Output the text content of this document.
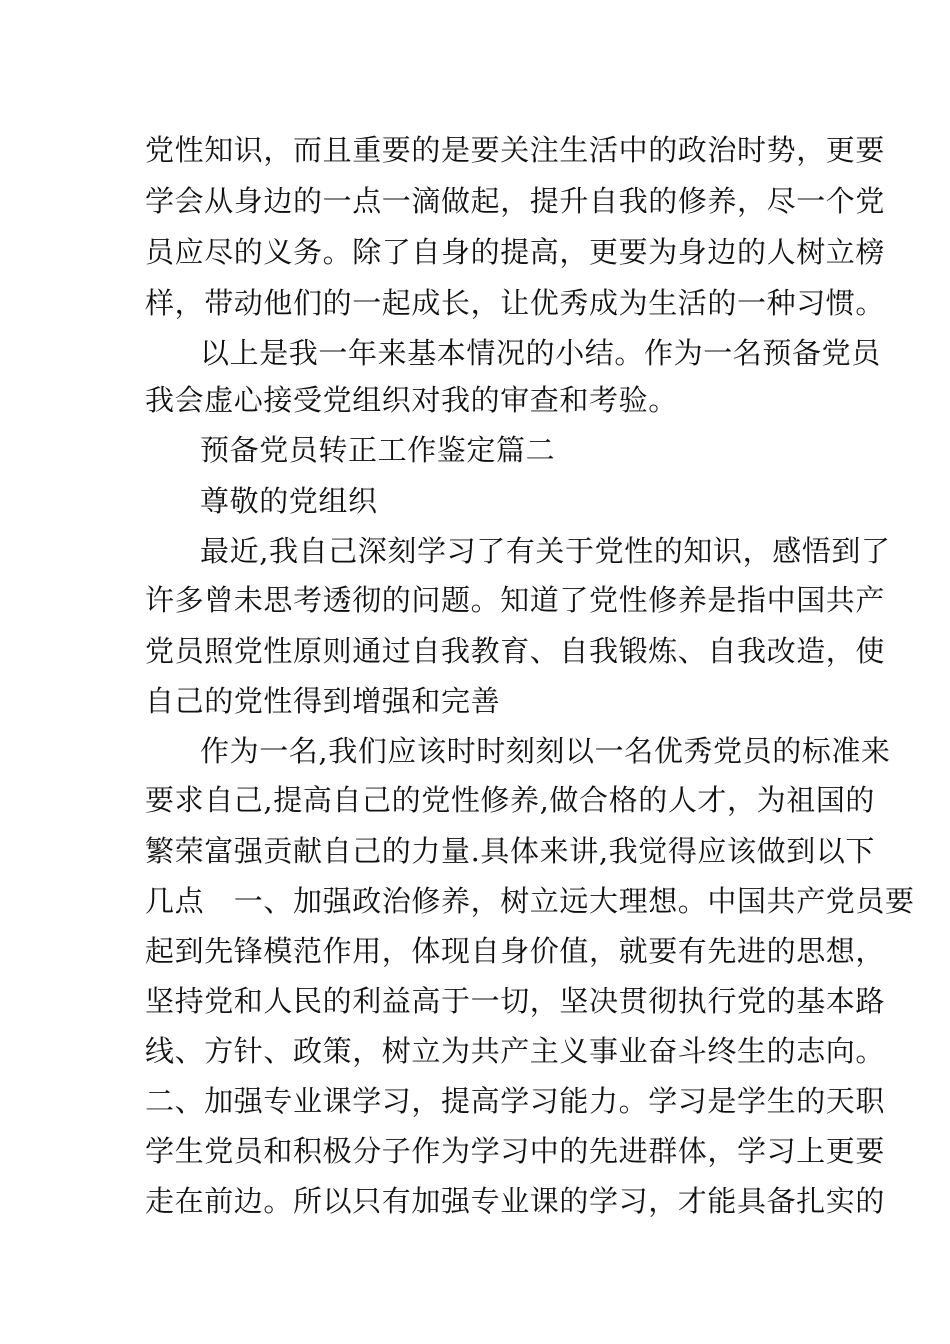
党性知识，而且重要的是要关注生活中的政治时势，更要
学会从身边的一点一滴做起，提升自我的修养，尽一个党
员应尽的义务。除了自身的提高，更要为身边的人树立榜
样，带动他们的一起成长，让优秀成为生活的一种习惯。
以上是我一年来基本情况的小结。作为一名预备党员
我会虚心接受党组织对我的审查和考验。
预备党员转正工作鉴定篇二
尊敬的党组织
最近,我自己深刻学习了有关于党性的知识，感悟到了
许多曾未思考透彻的问题。知道了党性修养是指中国共产
党员照党性原则通过自我教育、自我锻炼、自我改造，使
自己的党性得到增强和完善
作为一名,我们应该时时刻刻以一名优秀党员的标准来
要求自己,提高自己的党性修养,做合格的人才，为祖国的
繁荣富强贡献自己的力量.具体来讲,我觉得应该做到以下
几点　一、加强政治修养，树立远大理想。中国共产党员要
起到先锋模范作用，体现自身价值，就要有先进的思想，
坚持党和人民的利益高于一切，坚决贯彻执行党的基本路
线、方针、政策，树立为共产主义事业奋斗终生的志向。
二、加强专业课学习，提高学习能力。学习是学生的天职
学生党员和积极分子作为学习中的先进群体，学习上更要
走在前边。所以只有加强专业课的学习，才能具备扎实的
